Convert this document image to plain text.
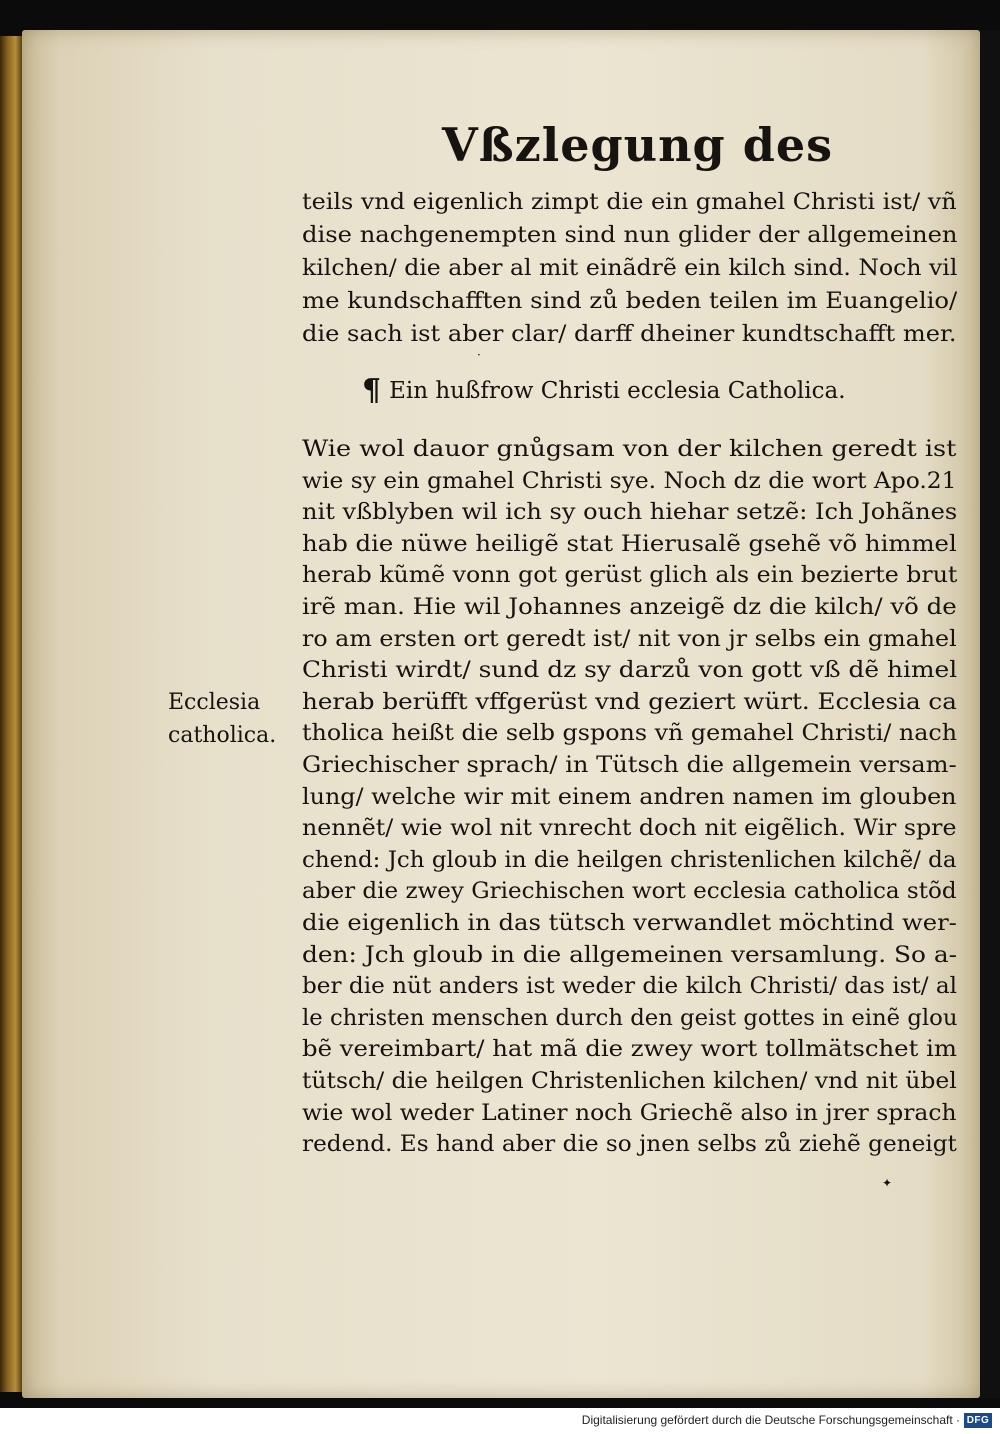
Vßzlegung des
teils vnd eigenlich zimpt die ein gmahel Christi ist/ vñ
dise nachgenempten sind nun glider der allgemeinen
kilchen/ die aber al mit einãdrẽ ein kilch sind. Noch vil
me kundschafften sind zů beden teilen im Euangelio/
die sach ist aber clar/ darff dheiner kundtschafft mer.
¶ Ein hußfrow Christi ecclesia Catholica.
·
Ecclesia
catholica.
Wie wol dauor gnůgsam von der kilchen geredt ist
wie sy ein gmahel Christi sye. Noch dz die wort Apo.21
nit vßblyben wil ich sy ouch hiehar setzẽ: Ich Johãnes
hab die nüwe heiligẽ stat Hierusalẽ gsehẽ võ himmel
herab kũmẽ vonn got gerüst glich als ein bezierte brut
irẽ man. Hie wil Johannes anzeigẽ dz die kilch/ võ de
ro am ersten ort geredt ist/ nit von jr selbs ein gmahel
Christi wirdt/ sund dz sy darzů von gott vß dẽ himel
herab berüfft vffgerüst vnd geziert würt. Ecclesia ca
tholica heißt die selb gspons vñ gemahel Christi/ nach
Griechischer sprach/ in Tütsch die allgemein versam-
lung/ welche wir mit einem andren namen im glouben
nennẽt/ wie wol nit vnrecht doch nit eigẽlich. Wir spre
chend: Jch gloub in die heilgen christenlichen kilchẽ/ da
aber die zwey Griechischen wort ecclesia catholica stõd
die eigenlich in das tütsch verwandlet möchtind wer-
den: Jch gloub in die allgemeinen versamlung. So a-
ber die nüt anders ist weder die kilch Christi/ das ist/ al
le christen menschen durch den geist gottes in einẽ glou
bẽ vereimbart/ hat mã die zwey wort tollmätschet im
tütsch/ die heilgen Christenlichen kilchen/ vnd nit übel
wie wol weder Latiner noch Griechẽ also in jrer sprach
redend. Es hand aber die so jnen selbs zů ziehẽ geneigt
✦
Digitalisierung gefördert durch die Deutsche Forschungsgemeinschaft · DFG
